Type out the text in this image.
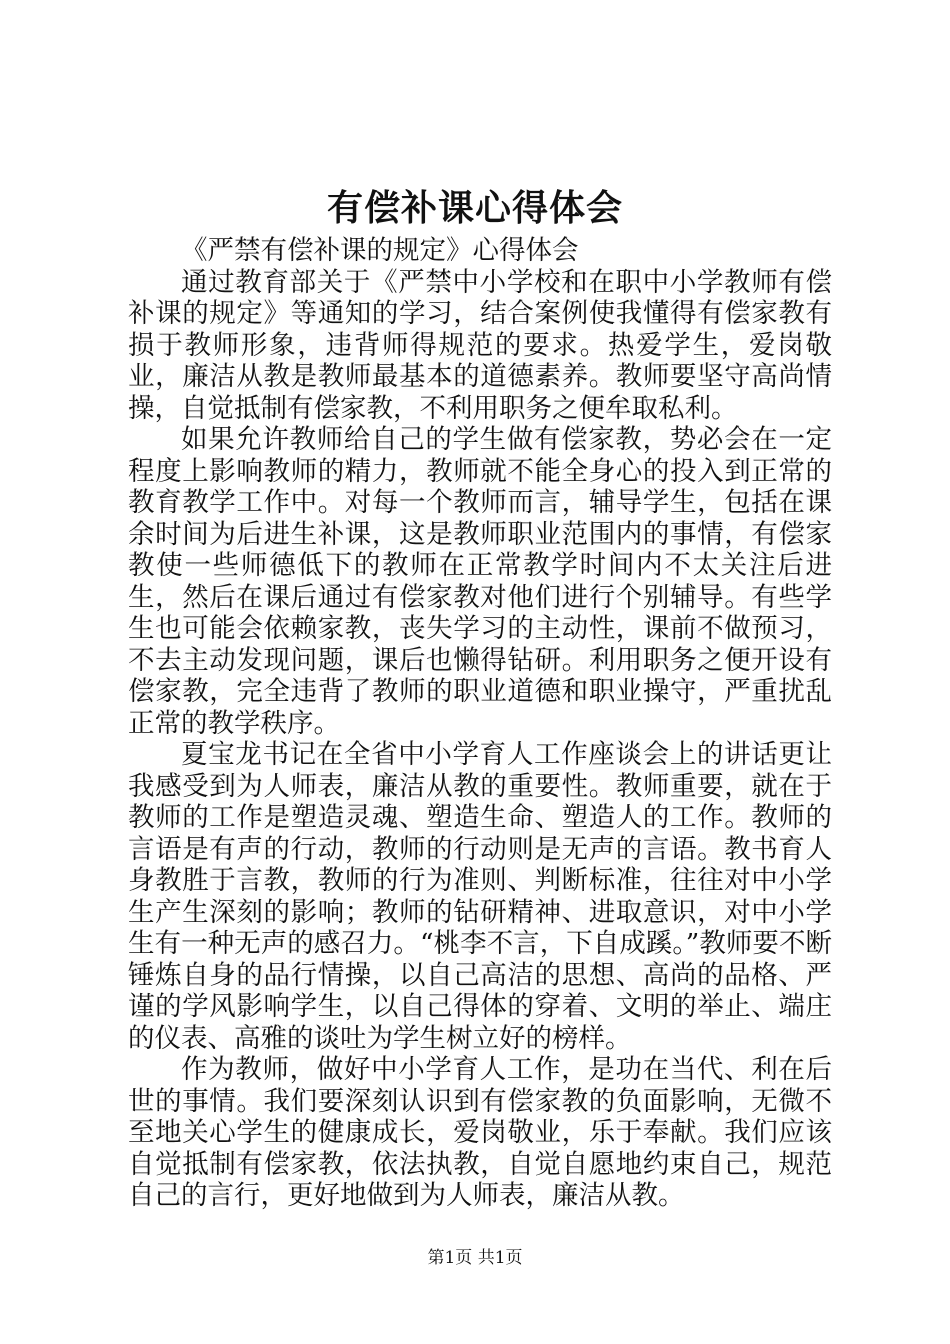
有偿补课心得体会
《严禁有偿补课的规定》心得体会

通过教育部关于《严禁中小学校和在职中小学教师有偿补课的规定》等通知的学习，结合案例使我懂得有偿家教有损于教师形象，违背师得规范的要求。热爱学生，爱岗敬业，廉洁从教是教师最基本的道德素养。教师要坚守高尚情操，自觉抵制有偿家教，不利用职务之便牟取私利。

如果允许教师给自己的学生做有偿家教，势必会在一定程度上影响教师的精力，教师就不能全身心的投入到正常的教育教学工作中。对每一个教师而言，辅导学生，包括在课余时间为后进生补课，这是教师职业范围内的事情，有偿家教使一些师德低下的教师在正常教学时间内不太关注后进生，然后在课后通过有偿家教对他们进行个别辅导。有些学生也可能会依赖家教，丧失学习的主动性，课前不做预习，不去主动发现问题，课后也懒得钻研。利用职务之便开设有偿家教，完全违背了教师的职业道德和职业操守，严重扰乱正常的教学秩序。

夏宝龙书记在全省中小学育人工作座谈会上的讲话更让我感受到为人师表，廉洁从教的重要性。教师重要，就在于教师的工作是塑造灵魂、塑造生命、塑造人的工作。教师的言语是有声的行动，教师的行动则是无声的言语。教书育人身教胜于言教，教师的行为准则、判断标准，往往对中小学生产生深刻的影响；教师的钻研精神、进取意识，对中小学生有一种无声的感召力。“桃李不言，下自成蹊。”教师要不断锤炼自身的品行情操，以自己高洁的思想、高尚的品格、严谨的学风影响学生，以自己得体的穿着、文明的举止、端庄的仪表、高雅的谈吐为学生树立好的榜样。

作为教师，做好中小学育人工作，是功在当代、利在后世的事情。我们要深刻认识到有偿家教的负面影响，无微不至地关心学生的健康成长，爱岗敬业，乐于奉献。我们应该自觉抵制有偿家教，依法执教，自觉自愿地约束自己，规范自己的言行，更好地做到为人师表，廉洁从教。

第1页 共1页
